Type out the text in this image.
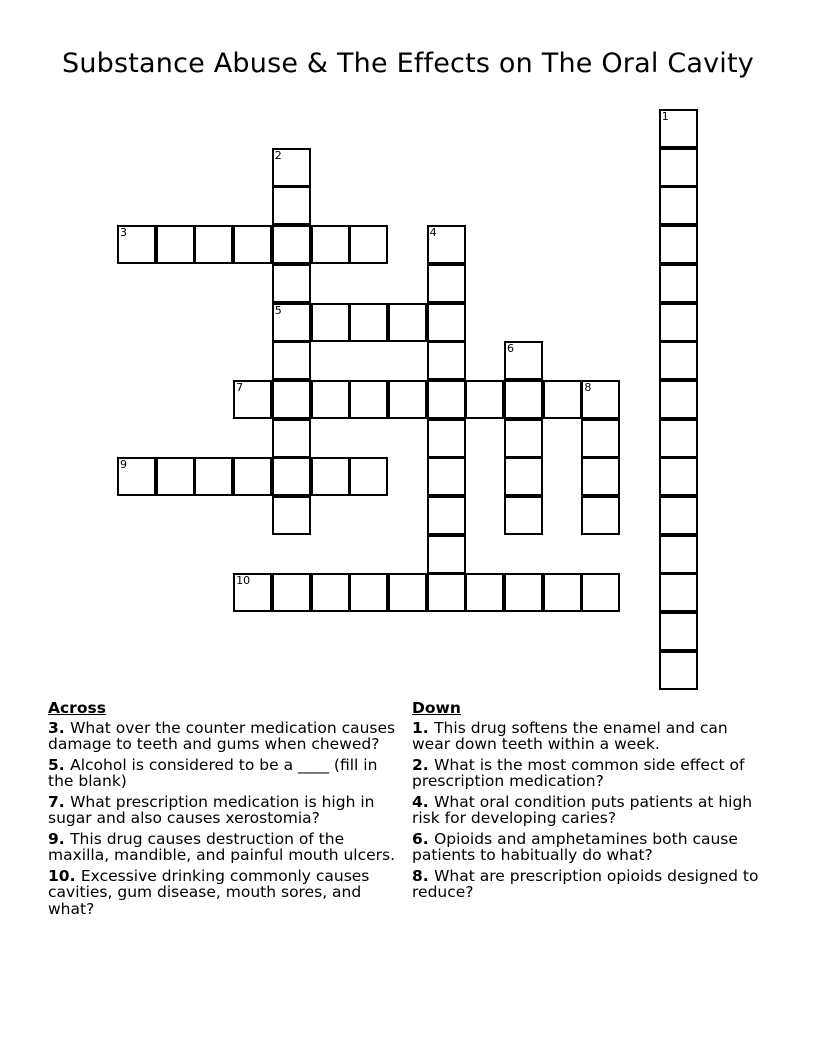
Substance Abuse & The Effects on The Oral Cavity
3
5
7	8
9
10
1
2
4
6
Across
3. What over the counter medication causes damage to teeth and gums when chewed?
5. Alcohol is considered to be a ____ (fill in the blank)
7. What prescription medication is high in sugar and also causes xerostomia?
9. This drug causes destruction of the maxilla, mandible, and painful mouth ulcers.
10. Excessive drinking commonly causes cavities, gum disease, mouth sores, and what?
Down
1. This drug softens the enamel and can wear down teeth within a week.
2. What is the most common side effect of prescription medication?
4. What oral condition puts patients at high risk for developing caries?
6. Opioids and amphetamines both cause patients to habitually do what?
8. What are prescription opioids designed to reduce?
